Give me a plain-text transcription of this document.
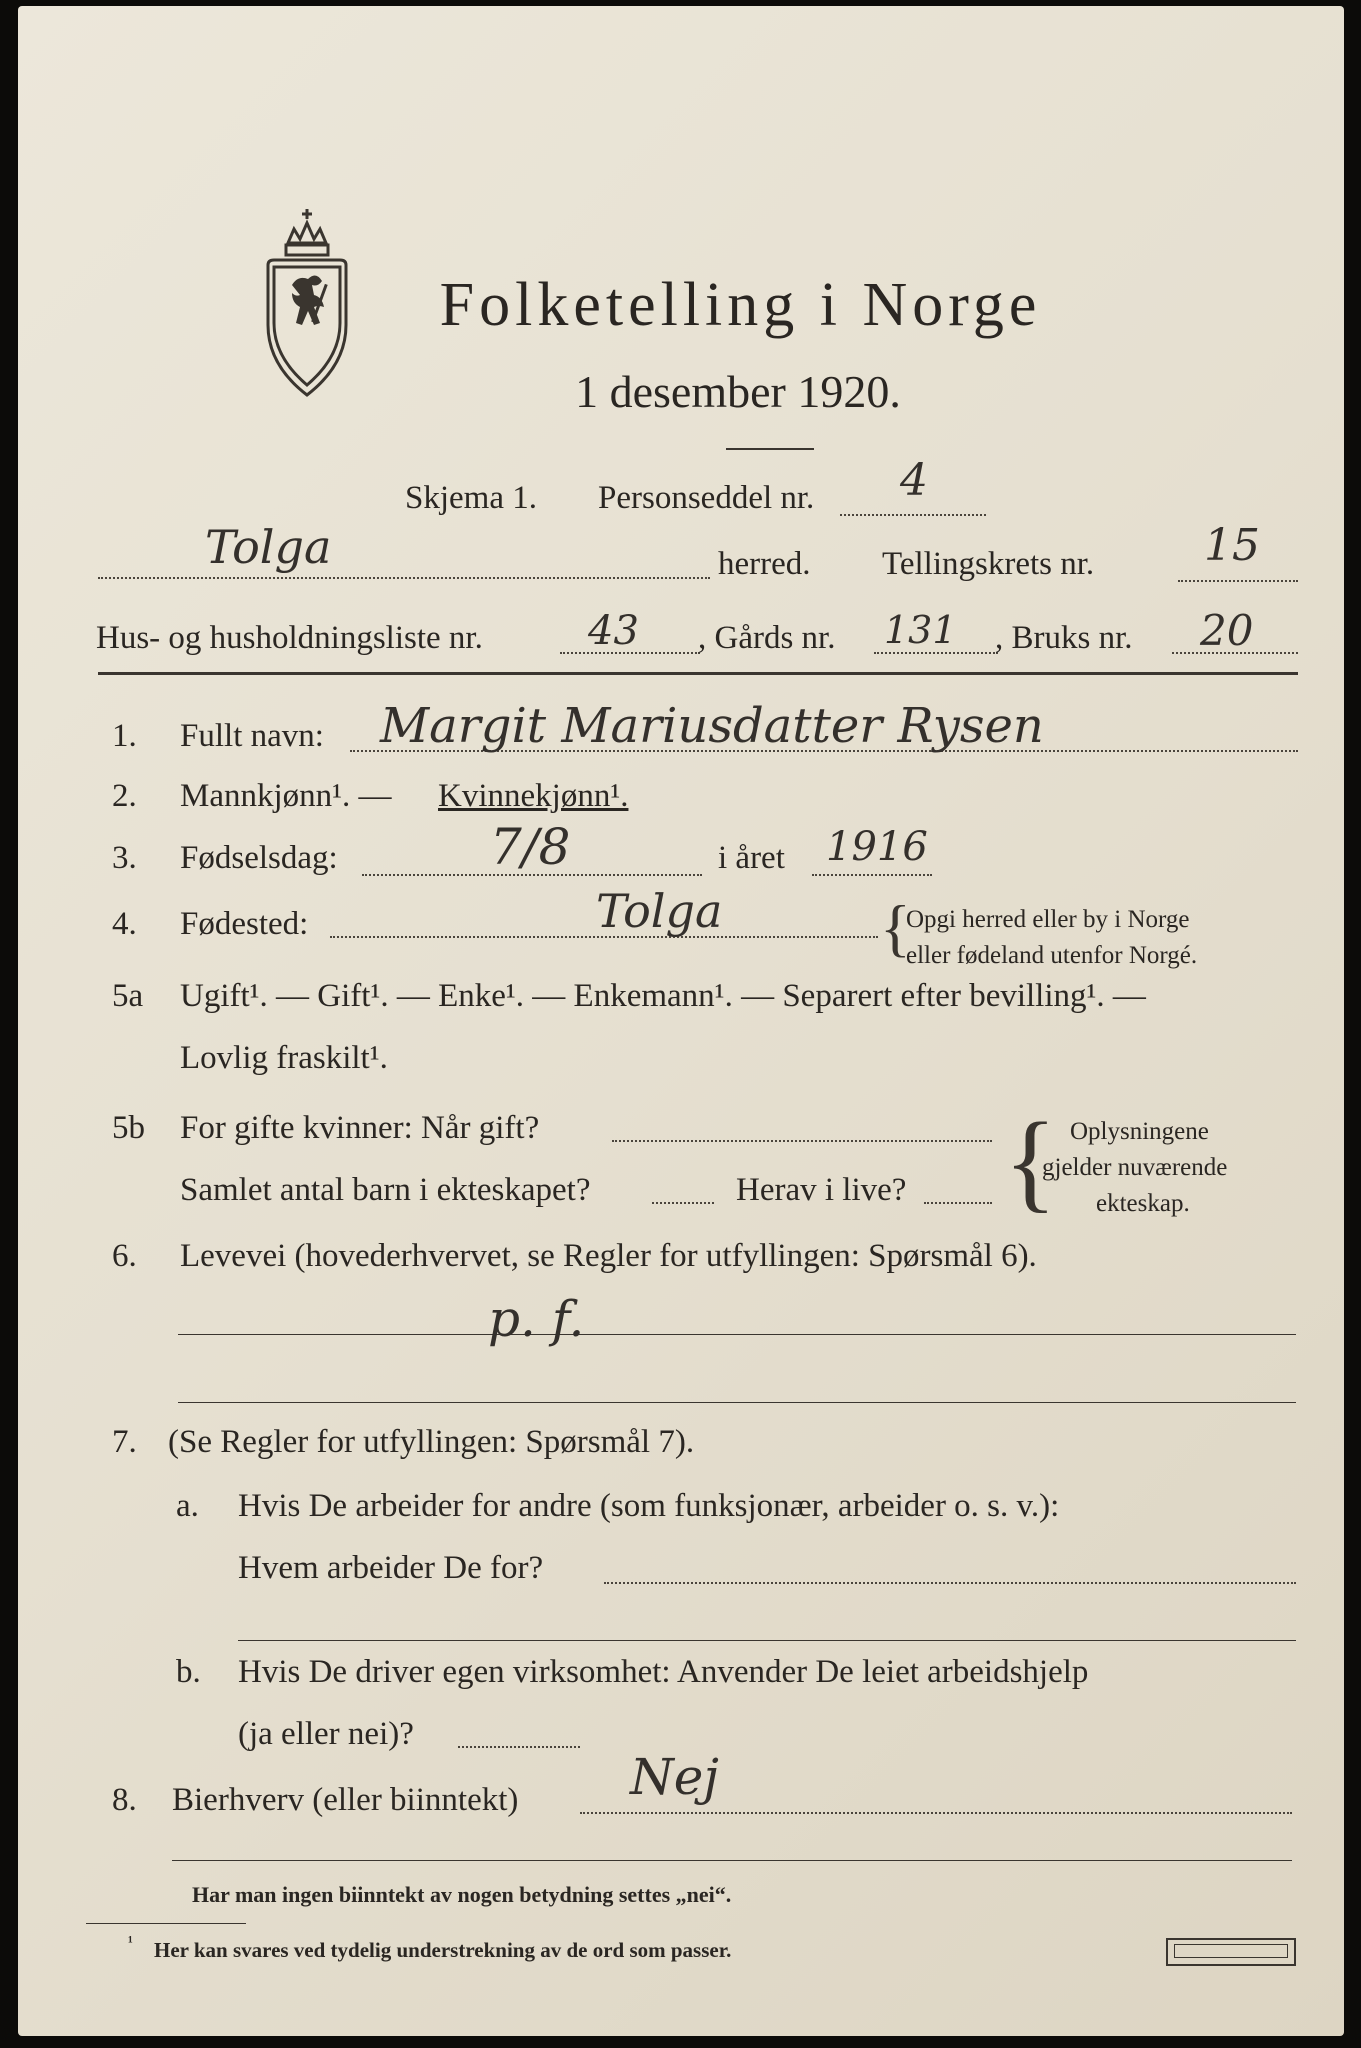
Folketelling i Norge
1 desember 1920.
Skjema 1. Personseddel nr. 4
Tolga	herred. Tellingskrets nr. 15
Hus- og husholdningsliste nr.	43 , Gårds nr. 131 , Bruks nr. 20
1. Fullt navn: Margit Mariusdatter Rysen
2. Mannkjønn¹. — Kvinnekjønn¹.
3. Fødselsdag:	7/8	i året 1916
4. Fødested:	Tolga {
Opgi herred eller by i Norge
eller fødeland utenfor Norgé.
5a Ugift¹. — Gift¹. — Enke¹. — Enkemann¹. — Separert efter bevilling¹. —
Lovlig fraskilt¹.
5b For gifte kvinner: Når gift?
Samlet antal barn i ekteskapet?	Herav i live? { Oplysningene
gjelder nuværende
ekteskap.
6. Levevei (hovederhvervet, se Regler for utfyllingen: Spørsmål 6).
p. f.
7. (Se Regler for utfyllingen: Spørsmål 7).
a. Hvis De arbeider for andre (som funksjonær, arbeider o. s. v.):
Hvem arbeider De for?
b. Hvis De driver egen virksomhet: Anvender De leiet arbeidshjelp
(ja eller nei)?
8. Bierhverv (eller biinntekt) Nej
Har man ingen biinntekt av nogen betydning settes „nei“.
¹ Her kan svares ved tydelig understrekning av de ord som passer.
